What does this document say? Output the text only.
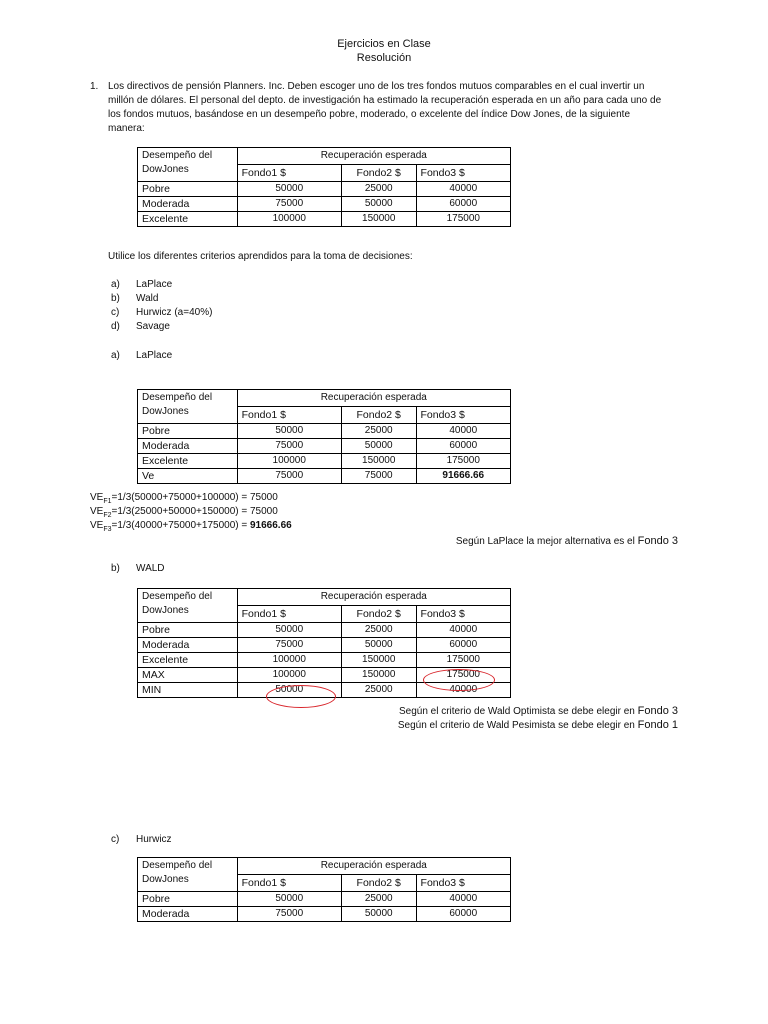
Ejercicios en Clase
Resolución
1. Los directivos de pensión Planners. Inc. Deben escoger uno de los tres fondos mutuos comparables en el cual invertir un
millón de dólares. El personal del depto. de investigación ha estimado la recuperación esperada en un año para cada uno de
los fondos mutuos, basándose en un desempeño pobre, moderado, o excelente del índice Dow Jones, de la siguiente
manera:
Desempeño del
DowJones	Recuperación esperada		
	Fondo1 $	Fondo2 $	Fondo3 $
Pobre	50000	25000	40000
Moderada	75000	50000	60000
Excelente	100000	150000	175000
Utilice los diferentes criterios aprendidos para la toma de decisiones:
a) LaPlace
b) Wald
c) Hurwicz (a=40%)
d) Savage
a) LaPlace
Desempeño del
DowJones	Recuperación esperada		
	Fondo1 $	Fondo2 $	Fondo3 $
Pobre	50000	25000	40000
Moderada	75000	50000	60000
Excelente	100000	150000	175000
Ve	75000	75000	91666.66
$VE_{F1}=1/3(50000+75000+100000) = 75000$
$VE_{F2}=1/3(25000+50000+150000) = 75000$
$VE_{F3}=1/3(40000+75000+175000) = 91666.66$
Según LaPlace la mejor alternativa es el Fondo 3
b) WALD
Desempeño del
DowJones	Recuperación esperada		
	Fondo1 $	Fondo2 $	Fondo3 $
Pobre	50000	25000	40000
Moderada	75000	50000	60000
Excelente	100000	150000	175000
MAX	100000	150000	175000
MIN	50000	25000	40000
Según el criterio de Wald Optimista se debe elegir en Fondo 3
Según el criterio de Wald Pesimista se debe elegir en Fondo 1
c) Hurwicz
Desempeño del
DowJones	Recuperación esperada		
	Fondo1 $	Fondo2 $	Fondo3 $
Pobre	50000	25000	40000
Moderada	75000	50000	60000
